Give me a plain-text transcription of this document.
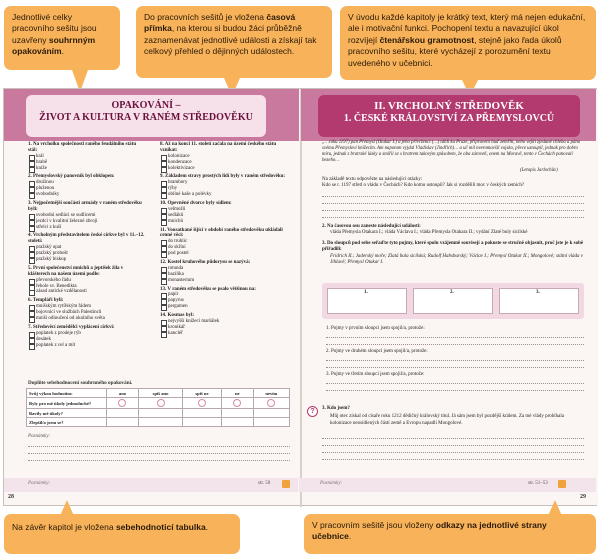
Jednotlivé celky pracovního sešitu jsou uzavřeny souhrnným opakováním.
Do pracovních sešitů je vložena časová přímka, na kterou si budou žáci průběžně zaznamenávat jednotlivé události a získají tak celkový přehled o dějinných událostech.
V úvodu každé kapitoly je krátký text, který má nejen edukační, ale i motivační funkci. Pochopení textu a navazující úkol rozvíjejí čtenářskou gramotnost, stejně jako řada úkolů pracovního sešitu, které vycházejí z porozumění textu uvedeného v učebnici.
OPAKOVÁNÍ –
ŽIVOT A KULTURA V RANÉM STŘEDOVĚKU
II. VRCHOLNÝ STŘEDOVĚK
1. ČESKÉ KRÁLOVSTVÍ ZA PŘEMYSLOVCŮ
1. Na vrcholku společnosti raného feudálního státu stál:
král
hrabě
kníže
2. Přemyslovský panovník byl obklopen:
družinou
pluženou
svobodníky
3. Nejpočetnější součástí armády v raném středověku byli:
svobodní sedláci se sudlicemi
jezdci v kvalitní železné zbroji
střelci z kuší
4. Vrcholným představitelem české církve byl v 11.–12. století:
pražský opat
pražský probošt
pražský biskup
5. První společenství mnichů a jeptišek žila v klášterech na našem území podle:
převorského řádu
řehole sv. Benedikta
zásad antické vzdělanosti
6. Templáři byli:
mnišským rytířským řádem
bojovníci ve službách Palestinců
mniši odloučení od okolního světa
7. Středověcí zemědělci vyplácení církvi:
poplatek z prodeje rýb
desátek
poplatek z cel a mít
8. Až na konci 11. století začala na území českého státu vznikat:
kolonizace
kondenzace
kolektivizace
9. Základem stravy prostých lidí byly v raném středověku:
brambory
rýby
obilné kaše a polévky
10. Opevněné dvorce byly sídlem:
velmožů
sedláků
mnichů
11. Vousatkané šijící v období raného středověku ukládali cenné věci:
do truhlic
do skříní
pod postel
12. Kostel kruhového půdorysu se nazývá:
rotunda
bazilika
monasterium
13. V raném středověku se psalo většinou na:
papír
papyrus
pergamen
14. Kosmas byl:
nejvyšší knížecí maršálek
kronikář
kancléř
Doplňte sebehodnocení souhrnného opakování.
Svůj výkon hodnotím:	ano	spíš ano	spíš ne	ne	nevím
Byly pro mě úkoly jednoduché?					
Bavily mě úkoly?					
Zlepšil/a jsem se?					
Poznámky:
Poznámky:	str. 50
28
„…roku 1197) pan Přemysl (Otakar I.) a jeho přívrženci (…) táhli ku Praze, připraveni buď zemříti, nebo vejíti zjedané chleba a páno svému Přemyslovi knížecím. Am napotom vyjdal Vladislav (Jindřich)… a uč mil neeromavšíl vojsko, přece ustoupil, jednak pro dobro míru, jednak z bratrské lásky a smířil se s bratrem takovým způsobem, že oba zároveň, onem na Moravě, tento v Čechách panovali bezeho…
(Letopis Jarlochův)
Na základě textu odpovězte na následující otázky:
Kdo se r. 1197 střetl o vládu v Čechách? Kdo komu ustoupil? Jak si rozdělili moc v českých zemích?
2. Na časovou osu zaneste následující události:
vláda Přemysla Otakara I.; vláda Václava I.; vláda Přemysla Otakara II.; vydání Zlaté buly sicilské
3. Do sloupců pod sebe seřaďte tyto pojmy, které spolu vzájemně souvisejí a pokuste se stručně objasnit, proč jste je k sobě přiřadili:
Fridrich II.; Jaderský moře; Zlatá bula sicilská; Rudolf Habsburský; Václav I.; Přemysl Otakar II.; Mongolové; státní vláda v Jihlavě; Přemysl Otakar I.
1.	2.	3.
1. Pojmy v prvním sloupci jsem spojil/a, protože:
2. Pojmy ve druhém sloupci jsem spojil/a, protože:
3. Pojmy ve třetím sloupci jsem spojil/a, protože:
?	3. Kdo jsem?
Můj otec získal od císaře roku 1212 dědičný královský titul. Já sám jsem byl pozdější králem. Za mé vlády probíhala kolonizace neosídlených částí země a Evropu napadli Mongolové.
Poznámky:	str. 51–53
29
Na závěr kapitol je vložena sebehodnoticí tabulka.	V pracovním sešitě jsou vloženy odkazy na jednotlivé strany učebnice.
